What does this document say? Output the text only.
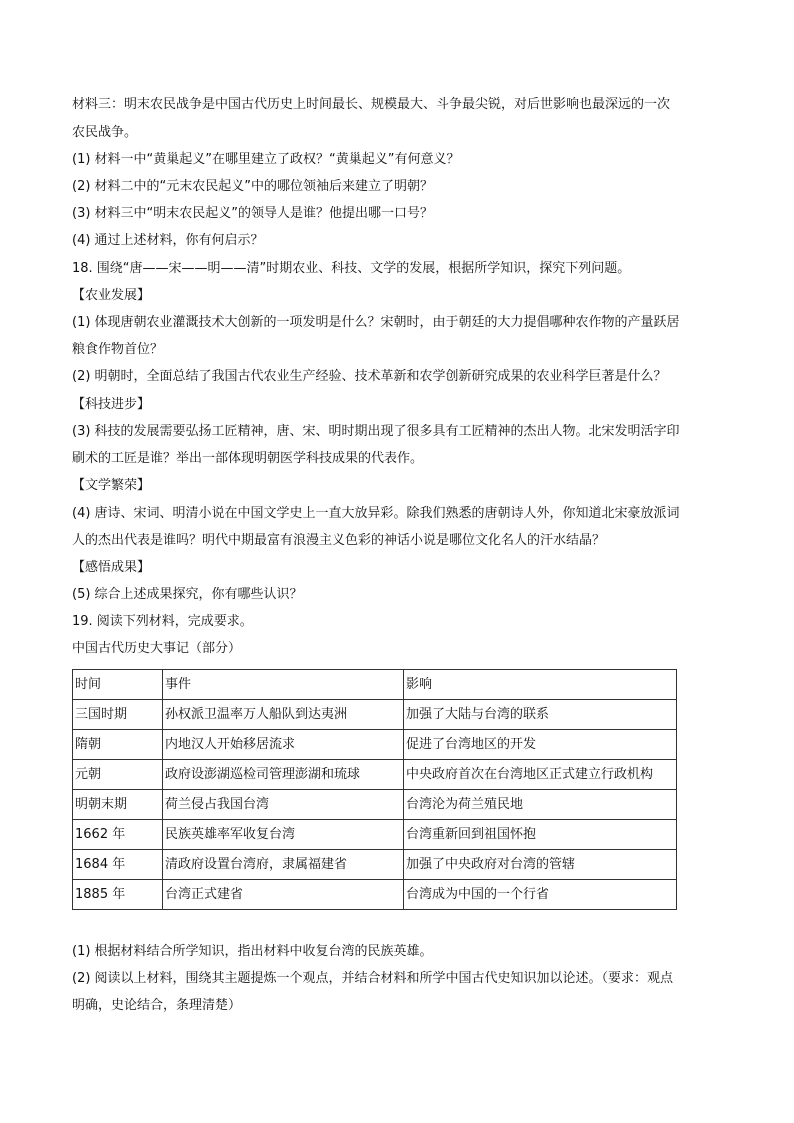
材料三：明末农民战争是中国古代历史上时间最长、规模最大、斗争最尖锐，对后世影响也最深远的一次
农民战争。
(1) 材料一中“黄巢起义”在哪里建立了政权？“黄巢起义”有何意义？
(2) 材料二中的“元末农民起义”中的哪位领袖后来建立了明朝？
(3) 材料三中“明末农民起义”的领导人是谁？他提出哪一口号？
(4) 通过上述材料，你有何启示？
18. 围绕“唐——宋——明——清”时期农业、科技、文学的发展，根据所学知识，探究下列问题。
【农业发展】
(1) 体现唐朝农业灌溉技术大创新的一项发明是什么？宋朝时，由于朝廷的大力提倡哪种农作物的产量跃居
粮食作物首位？
(2) 明朝时，全面总结了我国古代农业生产经验、技术革新和农学创新研究成果的农业科学巨著是什么？
【科技进步】
(3) 科技的发展需要弘扬工匠精神，唐、宋、明时期出现了很多具有工匠精神的杰出人物。北宋发明活字印
刷术的工匠是谁？举出一部体现明朝医学科技成果的代表作。
【文学繁荣】
(4) 唐诗、宋词、明清小说在中国文学史上一直大放异彩。除我们熟悉的唐朝诗人外，你知道北宋豪放派词
人的杰出代表是谁吗？明代中期最富有浪漫主义色彩的神话小说是哪位文化名人的汗水结晶？
【感悟成果】
(5) 综合上述成果探究，你有哪些认识？
19. 阅读下列材料，完成要求。
中国古代历史大事记（部分）
时间	事件	影响
三国时期	孙权派卫温率万人船队到达夷洲	加强了大陆与台湾的联系
隋朝	内地汉人开始移居流求	促进了台湾地区的开发
元朝	政府设澎湖巡检司管理澎湖和琉球	中央政府首次在台湾地区正式建立行政机构
明朝末期	荷兰侵占我国台湾	台湾沦为荷兰殖民地
1662 年	民族英雄率军收复台湾	台湾重新回到祖国怀抱
1684 年	清政府设置台湾府，隶属福建省	加强了中央政府对台湾的管辖
1885 年	台湾正式建省	台湾成为中国的一个行省
(1) 根据材料结合所学知识，指出材料中收复台湾的民族英雄。
(2) 阅读以上材料，围绕其主题提炼一个观点，并结合材料和所学中国古代史知识加以论述。（要求：观点
明确，史论结合，条理清楚）
